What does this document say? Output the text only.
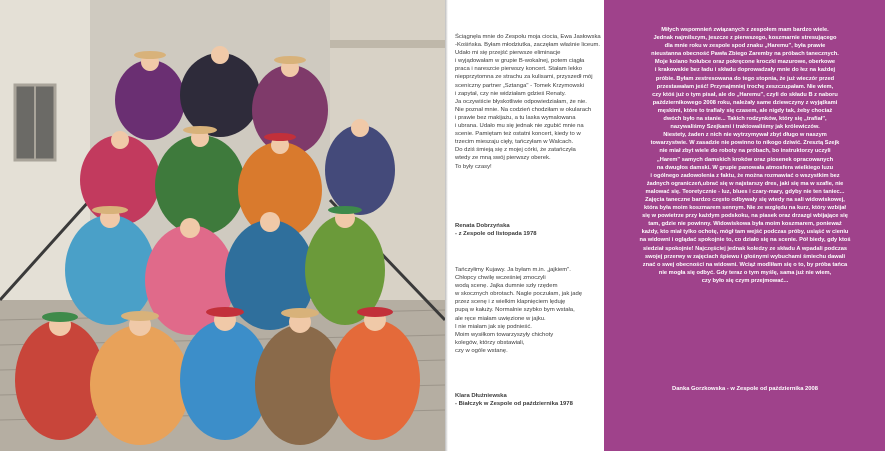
Ściągnęła mnie do Zespołu moja ciocia, Ewa Jasłowska
-Kośińska. Byłam młodziutka, zaczęłam właśnie liceum.
Udało mi się przejść pierwsze eliminacje
i wyjądowałam w grupie B-wokalnej, potem ciągła
praca i nareszcie pierwszy koncert. Stałam lekko
niepprzytomna ze strachu za kulisami, przyszedł mój
sceniczny partner „Sztanga" - Tomek Krzymowski
i zapytał, czy nie widziałam gdzieś Renaty.
Ja oczywiście błyskotliwie odpowiedziałam, że nie.
Nie poznał mnie. Na codzień chodziłam w okularach
i prawie bez makijażu, a tu laska wymalowana
i ubrana. Udało mu się jednak nie zgubić mnie na
scenie. Pamiętam też ostatni koncert, kiedy to w
trzecim mieszaju cięły, tańczyłam w Walcach.
Do dziś śmieją się z mojej córki, że zatańczyła
wtedy ze mną swój pierwszy oberek.
To były czasy!

Renata Dobrzyńska
- z Zespole od listopada 1978

Tańczyłimy Kujawy. Ja byłam m.in. „jajkiem".
Chłopcy chwilę wcześniej zmoczyli
wodą scenę. Jajka dumnie szły rzędem
w skocznych obrotach. Nagle poczułam, jak jadę
przez scenę i z wielkim klapnięciem lęduję
pupą w kałuży. Normalnie szybko bym wstała,
ale ręce miałam uwięzione w jajku.
I nie miałam jak się podnieść.
Moim wysiłkom towarzyszyły chichoty
kolegów, którzy obstawiali,
czy w ogóle wstanę.

Klara Dłużniewska
- Białczyk w Zespole od października 1978

Miłych wspomnień związanych z zespołem mam bardzo wiele.
Jednak najmilszym, jeszcze z pierwszego, koszmarnie stresującego
dla mnie roku w zespole spod znaku „Haremu", była prawie
nieustanna obecność Pawła Zbiego Zaremby na próbach tanecznych.
Moje kolano hołubce oraz pokręcone kroczki mazurowe, oberkowe
i krakowskie bez ładu i składu doprowadzały mnie do łez na każdej
próbie. Byłam zestresowana do tego stopnia, że już wieczór przed
przestawałam jeść! Przynajmniej trochę zeszczupałam. Nie wiem,
czy któś już o tym pisał, ale do „Haremu", czyli do składu B z naboru
październikowego 2008 roku, należały same dziewczyny z wyjątkami
męskimi, które to trafiały się czasem, ale nigdy tak, żeby chociaż
dwóch było na stanie... Takich rodzynków, który się „trafiał",
nazywaliśmy Szejkami i traktowaliśmy jak królewiczów.
Niestety, żaden z nich nie wytrzymywał zbyt długo w naszym
towarzystwie. W zasadzie nie powinno to nikogo dziwić. Zresztą Szejk
nie miał zbyt wiele do roboty na próbach, bo instruktorzy uczyli
„Harem" samych damskich kroków oraz piosenek opracowanych
na dwugłos damski. W grupie panowała atmosfera wielkiego luzu
i ogólnego zadowolenia z faktu, że można rozmawiać o wszystkim bez
żadnych ograniczeń,ubrać się w najstarszy dres, jaki się ma w szafie, nie
malować się. Teoretycznie - luz, blues i czary-mary, gdyby nie ten taniec...
Zajęcia taneczne bardzo często odbywały się wtedy na sali widowiskowej,
która była moim koszmarem sennym. Nie ze względu na kurz, który wzbijał
się w powietrze przy każdym podskoku, na piasek oraz drzazgi wbijające się
tam, gdzie nie powinny. Widowiskowa była moim koszmarem, ponieważ
każdy, kto miał tylko ochotę, mógł tam wejść podczas próby, usiąść w cieniu
na widowni i oglądać spokojnie to, co działo się na scenie. Pół biedy, gdy ktoś
siedział spokojnie! Najczęściej jednak koledzy ze składu A wpadali podczas
swojej przerwy w zajęciach śpiewu i głośnymi wybuchami śmiechu dawali
znać o swej obecności na widowni. Wciąż modliłam się o to, by próba tańca
nie mogła się odbyć. Gdy teraz o tym myślę, sama już nie wiem,
czy było się czym przejmować...

Danka Gorzkowska - w Zespole od października 2008
